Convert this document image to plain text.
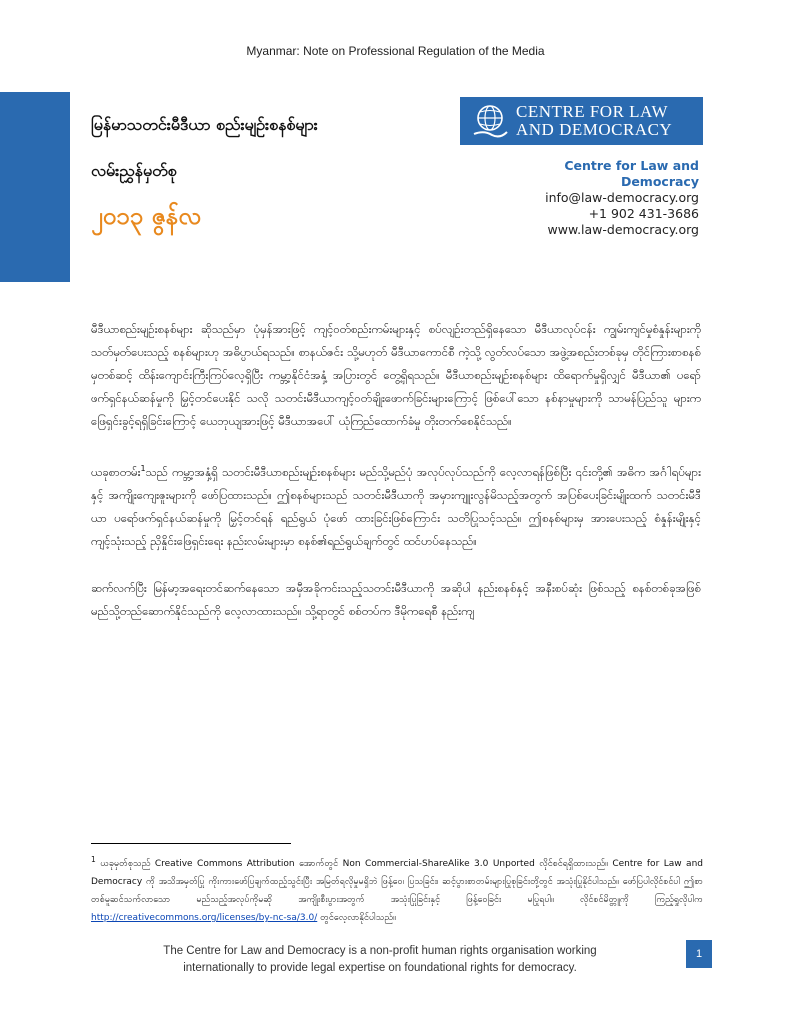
Myanmar: Note on Professional Regulation of the Media
မြန်မာသတင်းမီဒီယာ စည်းမျဉ်းစနစ်များ
လမ်းညွှန်မှတ်စု
၂၀၁၃ ဇွန်လ
CENTRE FOR LAW
AND DEMOCRACY
Centre for Law and Democracy
info@law-democracy.org
+1 902 431-3686
www.law-democracy.org

မီဒီယာစည်းမျဉ်းစနစ်များ ဆိုသည်မှာ ပုံမှန်အားဖြင့် ကျင့်ဝတ်စည်းကမ်းများနှင့် စပ်လျဉ်းတည်ရှိနေသော မီဒီယာလုပ်ငန်း ကျွမ်းကျင်မှုစံနှုန်းများကို သတ်မှတ်ပေးသည့် စနစ်များဟု အဓိပ္ပာယ်ရသည်။ စာနယ်ဇင်း သို့မဟုတ် မီဒီယာကောင်စီ ကဲ့သို့ လွတ်လပ်သော အဖွဲ့အစည်းတစ်ခုမှ တိုင်ကြားစာစနစ်မှတစ်ဆင့် ထိန်းကျောင်းကြီးကြပ်လေ့ရှိပြီး ကမ္ဘာ့နိုင်ငံအနှံ့ အပြားတွင် တွေ့ရှိရသည်။ မီဒီယာစည်းမျဉ်းစနစ်များ ထိရောက်မှုရှိလျှင် မီဒီယာ၏ ပရော်ဖက်ရှင်နယ်ဆန်မှုကို မြှင့်တင်ပေးနိုင် သလို သတင်းမီဒီယာကျင့်ဝတ်ချိုးဖောက်ခြင်းများကြောင့် ဖြစ်ပေါ်သော နစ်နာမှုများကို သာမန်ပြည်သူ များက ဖြေရှင်းခွင့်ရရှိခြင်းကြောင့် ယေဘုယျအားဖြင့် မီဒီယာအပေါ် ယုံကြည်ထောက်ခံမှု တိုးတက်စေနိုင်သည်။

ယခုစာတမ်း$^1$သည် ကမ္ဘာ့အနှံ့ရှိ သတင်းမီဒီယာစည်းမျဉ်းစနစ်များ မည်သို့မည်ပုံ အလုပ်လုပ်သည်ကို လေ့လာရန်ဖြစ်ပြီး ၎င်းတို့၏ အဓိက အင်္ဂါရပ်များနှင့် အကျိုးကျေးဇူးများကို ဖော်ပြထားသည်။ ဤစနစ်များသည် သတင်းမီဒီယာကို အမှားကျူးလွန်မိသည့်အတွက် အပြစ်ပေးခြင်းမျိုးထက် သတင်းမီဒီယာ ပရော်ဖက်ရှင်နယ်ဆန်မှုကို မြှင့်တင်ရန် ရည်ရွယ် ပုံဖော် ထားခြင်းဖြစ်ကြောင်း သတိပြုသင့်သည်။ ဤစနစ်များမှ အားပေးသည့် စံနှုန်းမျိုးနှင့် ကျင့်သုံးသည့် ညှိနှိုင်းဖြေရှင်းရေး နည်းလမ်းများမှာ စနစ်၏ရည်ရွယ်ချက်တွင် ထင်ဟပ်နေသည်။

ဆက်လက်ပြီး မြန်မာ့အရေးတင်ဆက်နေသော အမှီအခိုကင်းသည့်သတင်းမီဒီယာကို အဆိုပါ နည်းစနစ်နှင့် အနီးစပ်ဆုံး ဖြစ်သည့် စနစ်တစ်ခုအဖြစ် မည်သို့တည်ဆောက်နိုင်သည်ကို လေ့လာထားသည်။ သို့ရာတွင် စစ်တပ်က ဒီမိုကရေစီ နည်းကျ

$^1$ ယခုမှတ်စုသည် Creative Commons Attribution အောက်တွင် Non Commercial-ShareAlike 3.0 Unported လိုင်စင်ရရှိထားသည်။ Centre for Law and Democracy ကို အသိအမှတ်ပြု ကိုးကားဖော်ပြချက်ထည့်သွင်းပြီး အမြတ်ရလိုမှုမရှိဘဲ ဖြန့်ဝေ၊ ပြသခြင်း၊ ဆင့်ပွားစာတမ်းများပြုစုခြင်းတို့တွင် အသုံးပြုနိုင်ပါသည်။ ဖော်ပြပါလိုင်စင်ပါ ဤစာတစ်မူဆင်သက်လာသော မည်သည့်အလုပ်ကိုမဆို အကျိုးစီးပွားအတွက် အသုံးပြုခြင်းနှင့် ဖြန့်ဝေခြင်း မပြုရပါ။ လိုင်စင်မိတ္တူကို ကြည့်ရှုလိုပါက http://creativecommons.org/licenses/by-nc-sa/3.0/ တွင်လေ့လာနိုင်ပါသည်။
The Centre for Law and Democracy is a non-profit human rights organisation working
internationally to provide legal expertise on foundational rights for democracy.
1
